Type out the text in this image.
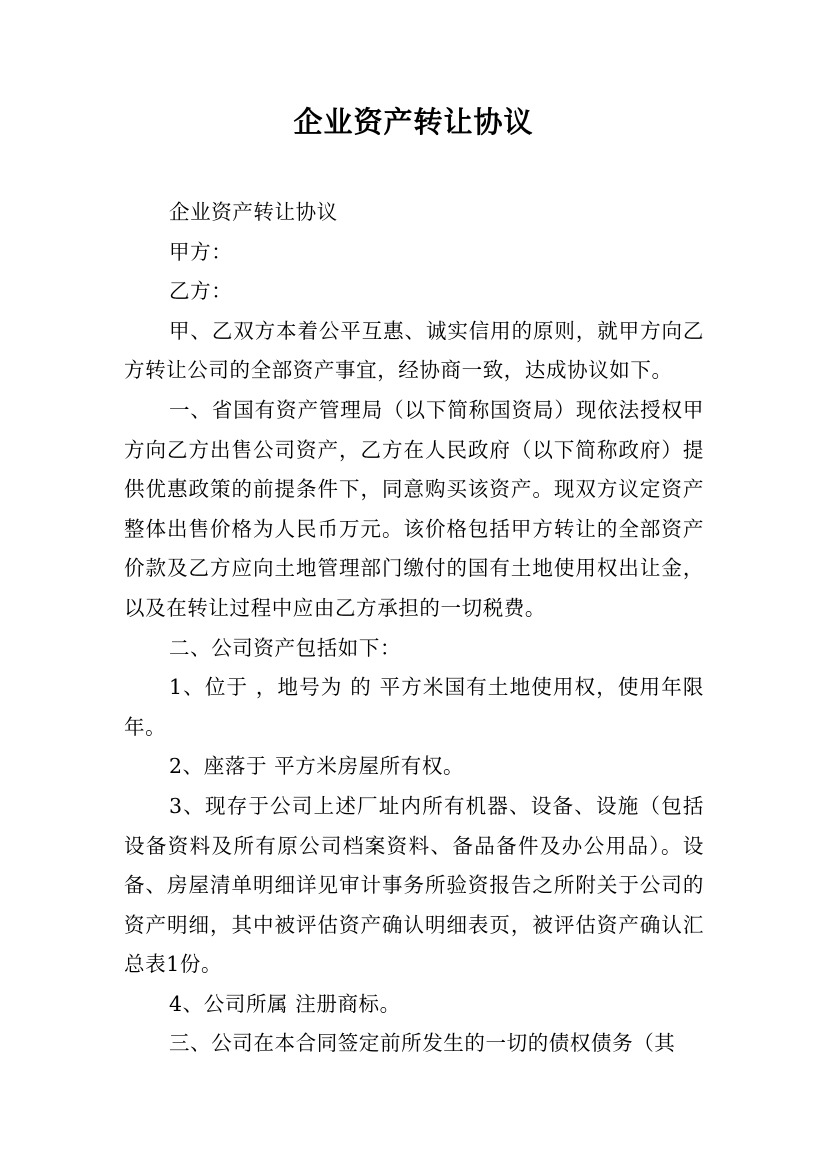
企业资产转让协议

企业资产转让协议

甲方：

乙方：

甲、乙双方本着公平互惠、诚实信用的原则，就甲方向乙方转让公司的全部资产事宜，经协商一致，达成协议如下。

一、省国有资产管理局（以下简称国资局）现依法授权甲方向乙方出售公司资产，乙方在人民政府（以下简称政府）提供优惠政策的前提条件下，同意购买该资产。现双方议定资产整体出售价格为人民币万元。该价格包括甲方转让的全部资产价款及乙方应向土地管理部门缴付的国有土地使用权出让金，以及在转让过程中应由乙方承担的一切税费。

二、公司资产包括如下：

1、位于 ，地号为 的 平方米国有土地使用权，使用年限年。

2、座落于 平方米房屋所有权。

3、现存于公司上述厂址内所有机器、设备、设施（包括设备资料及所有原公司档案资料、备品备件及办公用品）。设备、房屋清单明细详见审计事务所验资报告之所附关于公司的资产明细，其中被评估资产确认明细表页，被评估资产确认汇总表1份。

4、公司所属 注册商标。

三、公司在本合同签定前所发生的一切的债权债务（其
